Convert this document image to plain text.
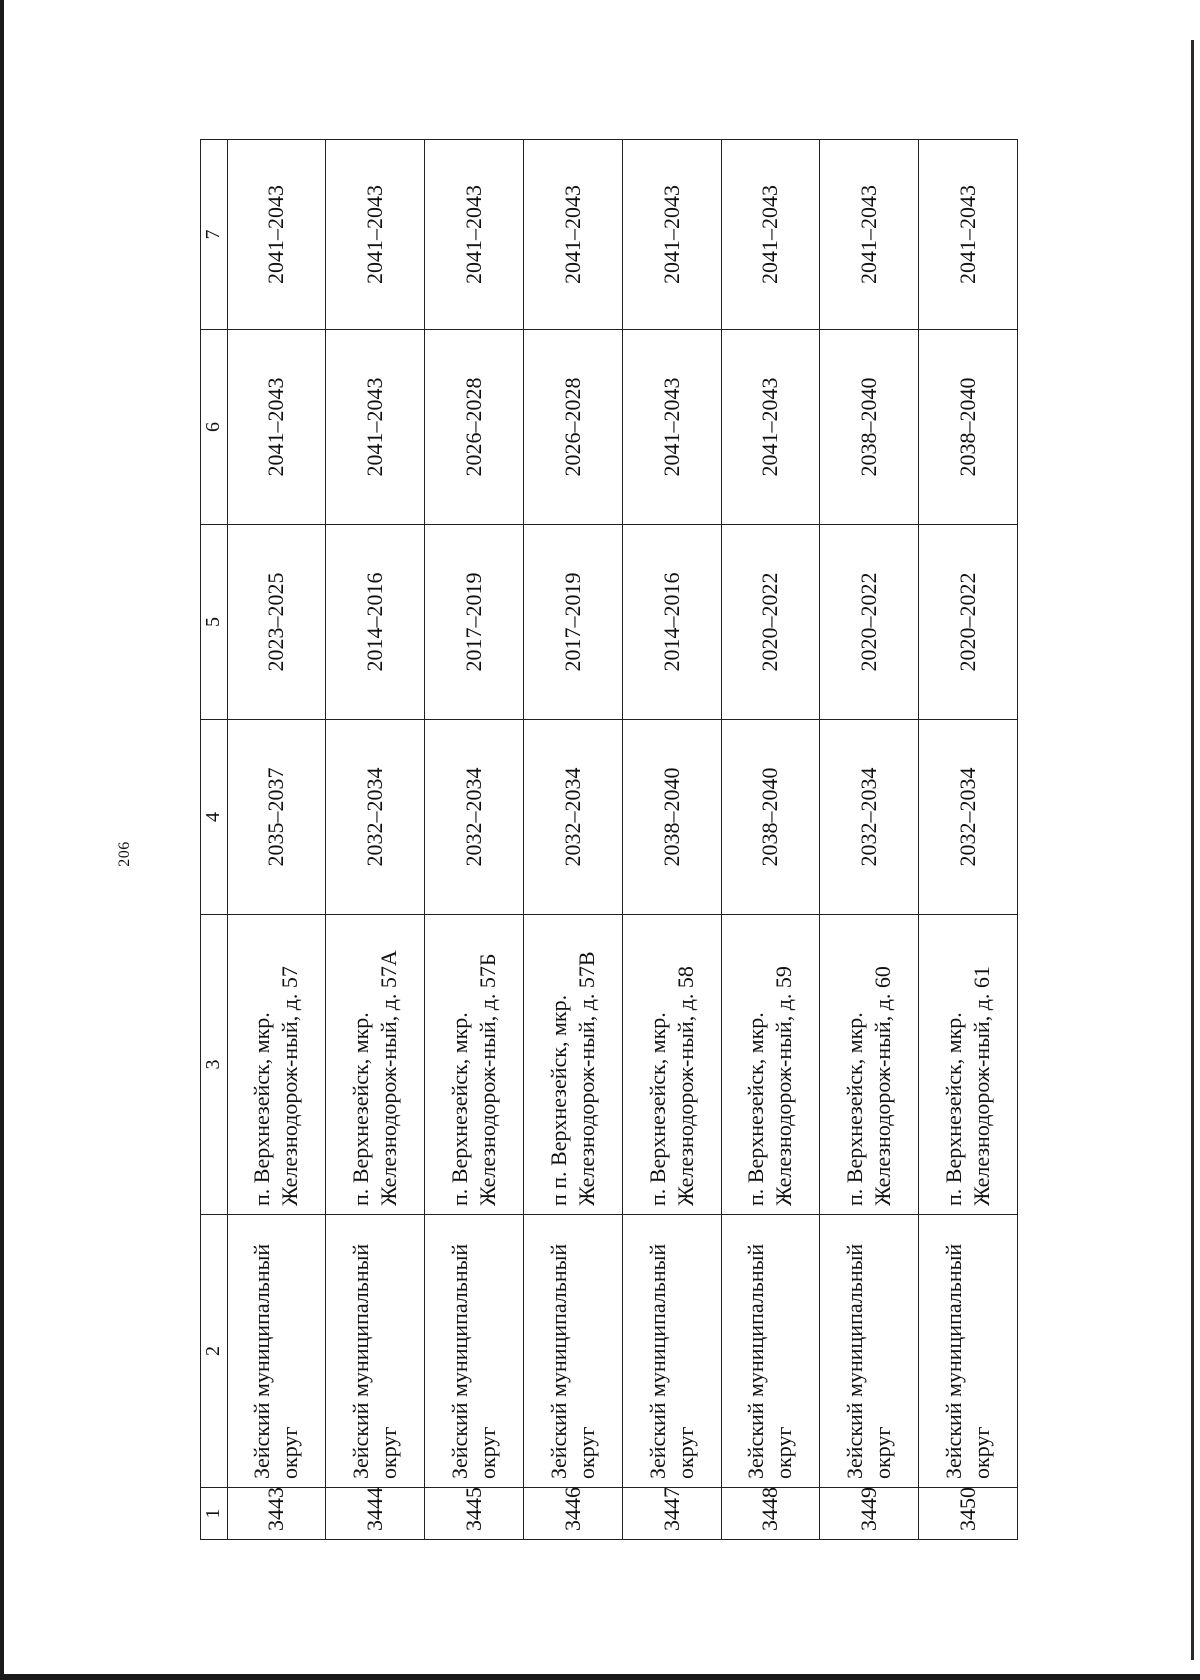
206
1	2	3	4	5	6	7
3443	Зейский муниципальный округ	п. Верхнезейск, мкр. Железнодорож-ный, д. 57	2035–2037	2023–2025	2041–2043	2041–2043
3444	Зейский муниципальный округ	п. Верхнезейск, мкр. Железнодорож-ный, д. 57А	2032–2034	2014–2016	2041–2043	2041–2043
3445	Зейский муниципальный округ	п. Верхнезейск, мкр. Железнодорож-ный, д. 57Б	2032–2034	2017–2019	2026–2028	2041–2043
3446	Зейский муниципальный округ	п п. Верхнезейск, мкр. Железнодорож-ный, д. 57В	2032–2034	2017–2019	2026–2028	2041–2043
3447	Зейский муниципальный округ	п. Верхнезейск, мкр. Железнодорож-ный, д. 58	2038–2040	2014–2016	2041–2043	2041–2043
3448	Зейский муниципальный округ	п. Верхнезейск, мкр. Железнодорож-ный, д. 59	2038–2040	2020–2022	2041–2043	2041–2043
3449	Зейский муниципальный округ	п. Верхнезейск, мкр. Железнодорож-ный, д. 60	2032–2034	2020–2022	2038–2040	2041–2043
3450	Зейский муниципальный округ	п. Верхнезейск, мкр. Железнодорож-ный, д. 61	2032–2034	2020–2022	2038–2040	2041–2043
